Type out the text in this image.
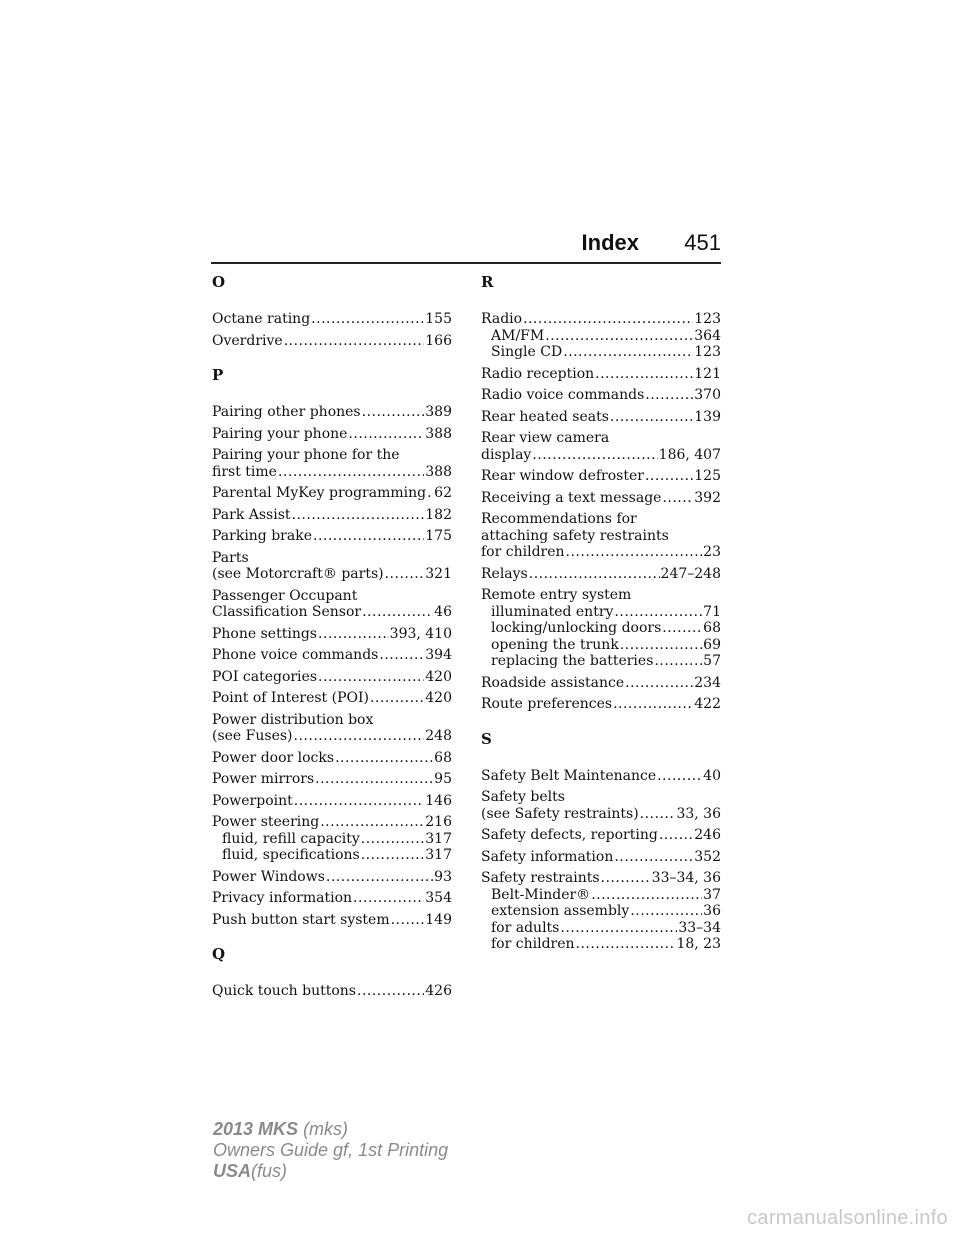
Index 451
O
Octane rating .....	155
Overdrive .....	166
P
Pairing other phones .....	389
Pairing your phone .....	388
Pairing your phone for the
first time .....	388
Parental MyKey programming ..... 62
Park Assist .....	182
Parking brake .....	175
Parts
(see Motorcraft® parts) .....	321
Passenger Occupant
Classification Sensor .....	46
Phone settings .....	393, 410
Phone voice commands .....	394
POI categories .....	420
Point of Interest (POI) .....	420
Power distribution box
(see Fuses) .....	248
Power door locks .....	68
Power mirrors .....	95
Powerpoint .....	146
Power steering .....	216
fluid, refill capacity .....	317
fluid, specifications .....	317
Power Windows .....	93
Privacy information .....	354
Push button start system .....	149
Q
Quick touch buttons .....	426
R
Radio .....	123
AM/FM .....	364
Single CD .....	123
Radio reception .....	121
Radio voice commands .....	370
Rear heated seats .....	139
Rear view camera
display .....	186, 407
Rear window defroster .....	125
Receiving a text message ..... 392
Recommendations for
attaching safety restraints
for children .....	23
Relays .....	247–248
Remote entry system
illuminated entry .....	71
locking/unlocking doors .....	68
opening the trunk .....	69
replacing the batteries .....	57
Roadside assistance .....	234
Route preferences .....	422
S
Safety Belt Maintenance .....	40
Safety belts
(see Safety restraints) .....	33, 36
Safety defects, reporting .....	246
Safety information .....	352
Safety restraints .....	33–34, 36
Belt-Minder® .....	37
extension assembly .....	36
for adults .....	33–34
for children .....	18, 23
2013 MKS (mks)
Owners Guide gf, 1st Printing
USA(fus)
carmanualsonline.info
